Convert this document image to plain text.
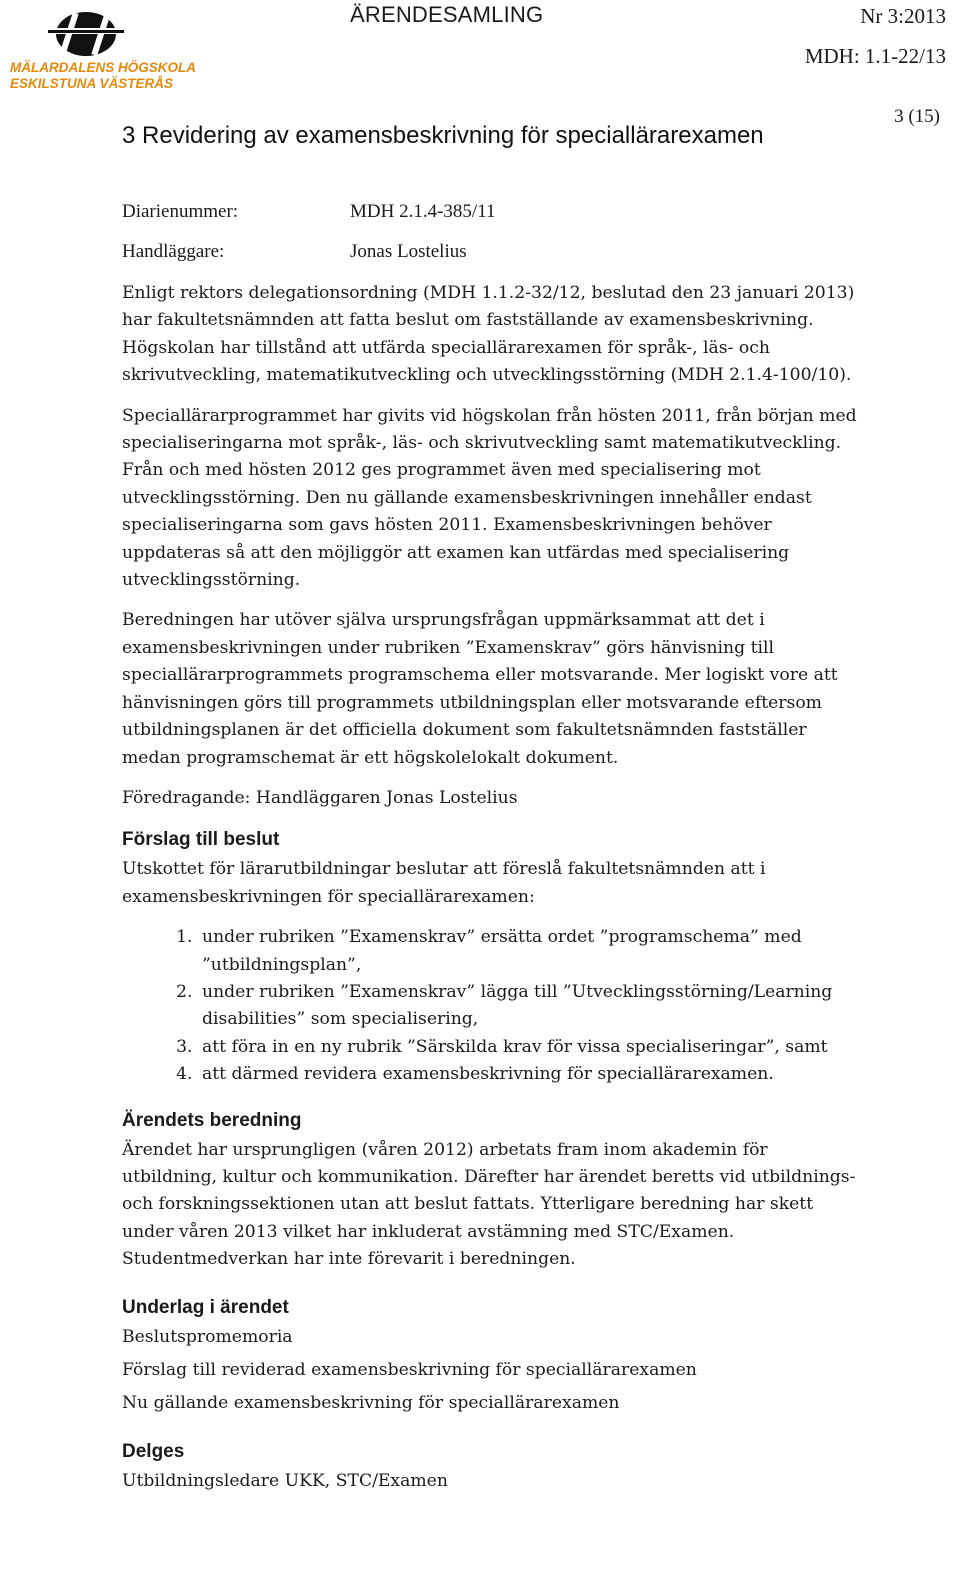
MÄLARDALENS HÖGSKOLA
ESKILSTUNA VÄSTERÅS
ÄRENDESAMLING	Nr 3:2013
MDH: 1.1-22/13
3 (15)
3 Revidering av examensbeskrivning för speciallärarexamen
Diarienummer:	MDH 2.1.4-385/11
Handläggare:	Jonas Lostelius

Enligt rektors delegationsordning (MDH 1.1.2-32/12, beslutad den 23 januari 2013) har fakultetsnämnden att fatta beslut om fastställande av examensbeskrivning. Högskolan har tillstånd att utfärda speciallärarexamen för språk-, läs- och skrivutveckling, matematikutveckling och utvecklingsstörning (MDH 2.1.4-100/10).

Speciallärarprogrammet har givits vid högskolan från hösten 2011, från början med specialiseringarna mot språk-, läs- och skrivutveckling samt matematikutveckling. Från och med hösten 2012 ges programmet även med specialisering mot utvecklingsstörning. Den nu gällande examensbeskrivningen innehåller endast specialiseringarna som gavs hösten 2011. Examensbeskrivningen behöver uppdateras så att den möjliggör att examen kan utfärdas med specialisering utvecklingsstörning.

Beredningen har utöver själva ursprungsfrågan uppmärksammat att det i examensbeskrivningen under rubriken ”Examenskrav” görs hänvisning till speciallärarprogrammets programschema eller motsvarande. Mer logiskt vore att hänvisningen görs till programmets utbildningsplan eller motsvarande eftersom utbildningsplanen är det officiella dokument som fakultetsnämnden fastställer medan programschemat är ett högskolelokalt dokument.

Föredragande: Handläggaren Jonas Lostelius

Förslag till beslut

Utskottet för lärarutbildningar beslutar att föreslå fakultetsnämnden att i examensbeskrivningen för speciallärarexamen:

1. under rubriken ”Examenskrav” ersätta ordet ”programschema” med ”utbildningsplan”,
2. under rubriken ”Examenskrav” lägga till ”Utvecklingsstörning/Learning disabilities” som specialisering,
3. att föra in en ny rubrik ”Särskilda krav för vissa specialiseringar”, samt
4. att därmed revidera examensbeskrivning för speciallärarexamen.
Ärendets beredning

Ärendet har ursprungligen (våren 2012) arbetats fram inom akademin för utbildning, kultur och kommunikation. Därefter har ärendet beretts vid utbildnings- och forskningssektionen utan att beslut fattats. Ytterligare beredning har skett under våren 2013 vilket har inkluderat avstämning med STC/Examen. Studentmedverkan har inte förevarit i beredningen.

Underlag i ärendet

Beslutspromemoria

Förslag till reviderad examensbeskrivning för speciallärarexamen

Nu gällande examensbeskrivning för speciallärarexamen

Delges

Utbildningsledare UKK, STC/Examen
